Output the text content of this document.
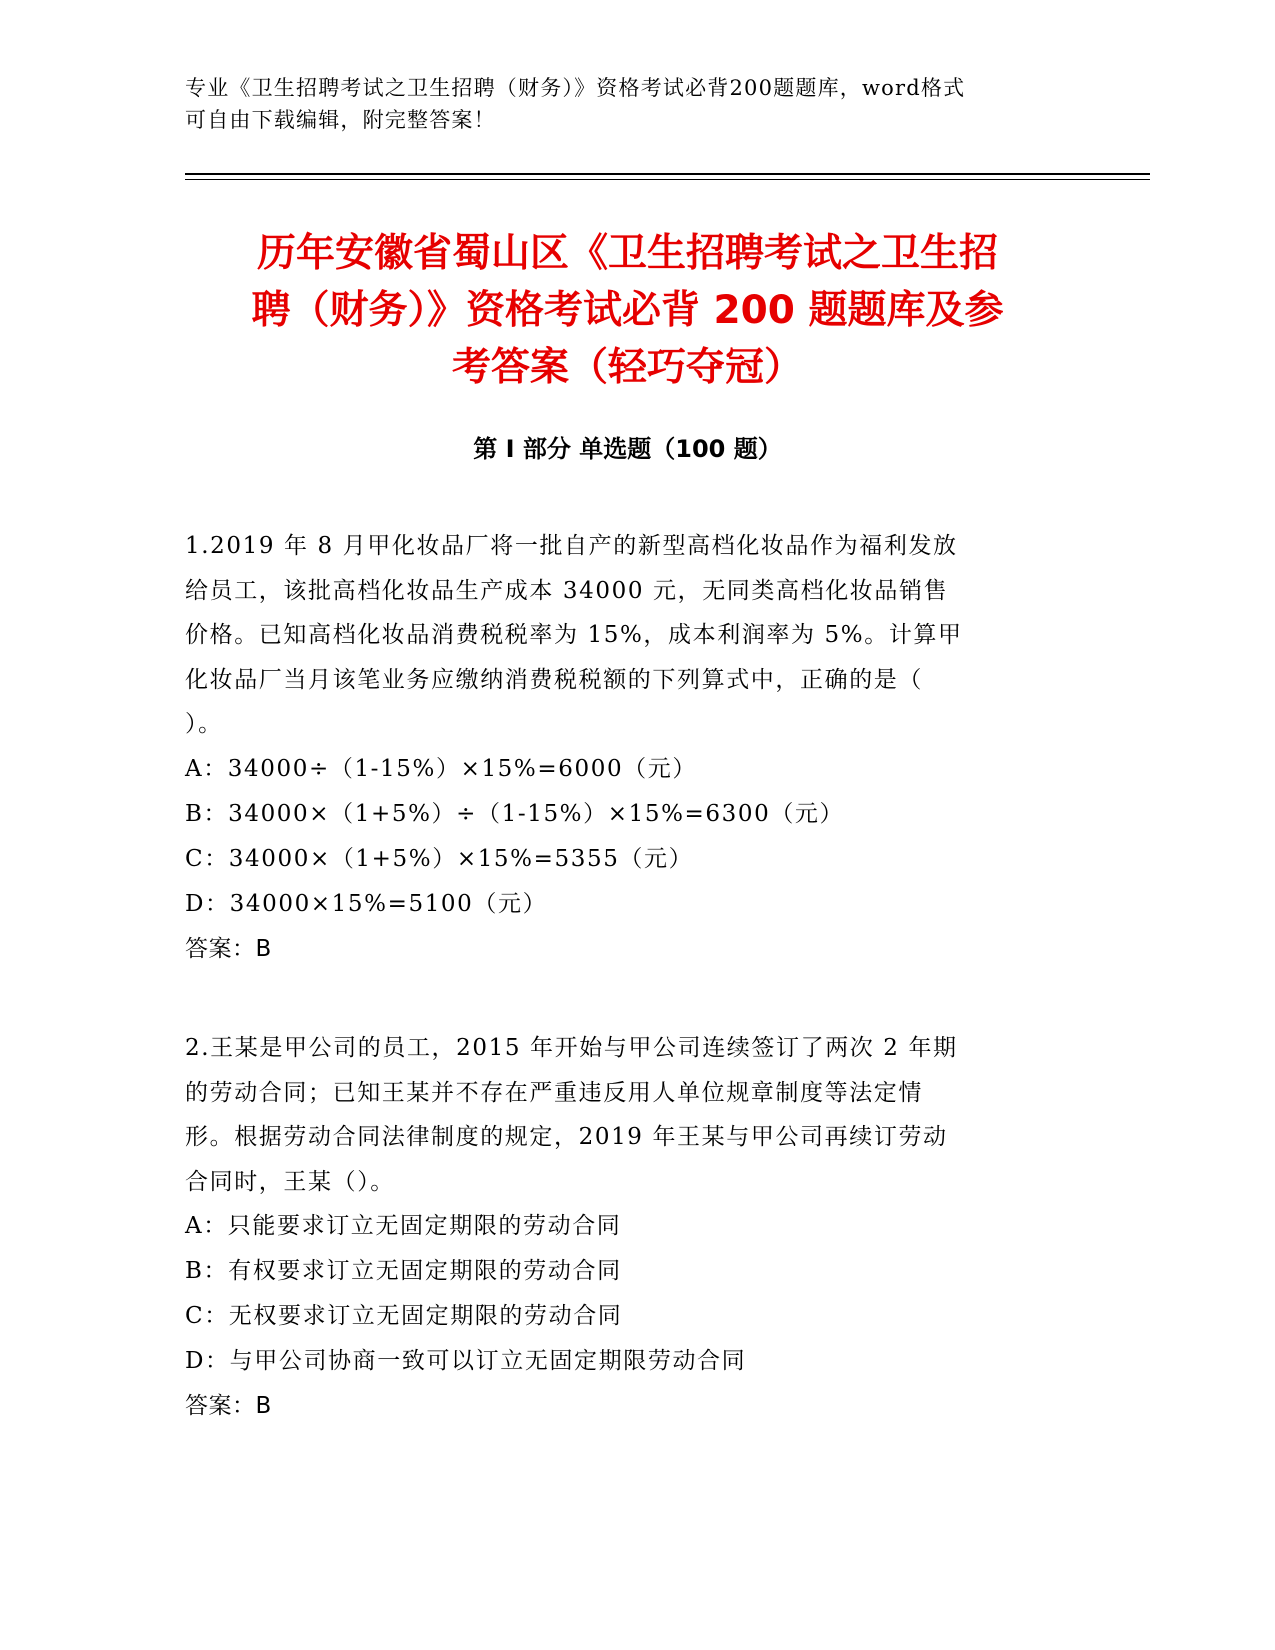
专业《卫生招聘考试之卫生招聘（财务）》资格考试必背200题题库，word格式
可自由下载编辑，附完整答案！
历年安徽省蜀山区《卫生招聘考试之卫生招
聘（财务）》资格考试必背 200 题题库及参
考答案（轻巧夺冠）
第 I 部分 单选题（100 题）
1.2019 年 8 月甲化妆品厂将一批自产的新型高档化妆品作为福利发放
给员工，该批高档化妆品生产成本 34000 元，无同类高档化妆品销售
价格。已知高档化妆品消费税税率为 15%，成本利润率为 5%。计算甲
化妆品厂当月该笔业务应缴纳消费税税额的下列算式中，正确的是（
）。
A：34000÷（1-15%）×15%=6000（元）
B：34000×（1+5%）÷（1-15%）×15%=6300（元）
C：34000×（1+5%）×15%=5355（元）
D：34000×15%=5100（元）
答案：B
2.王某是甲公司的员工，2015 年开始与甲公司连续签订了两次 2 年期
的劳动合同；已知王某并不存在严重违反用人单位规章制度等法定情
形。根据劳动合同法律制度的规定，2019 年王某与甲公司再续订劳动
合同时，王某（）。
A：只能要求订立无固定期限的劳动合同
B：有权要求订立无固定期限的劳动合同
C：无权要求订立无固定期限的劳动合同
D：与甲公司协商一致可以订立无固定期限劳动合同
答案：B
